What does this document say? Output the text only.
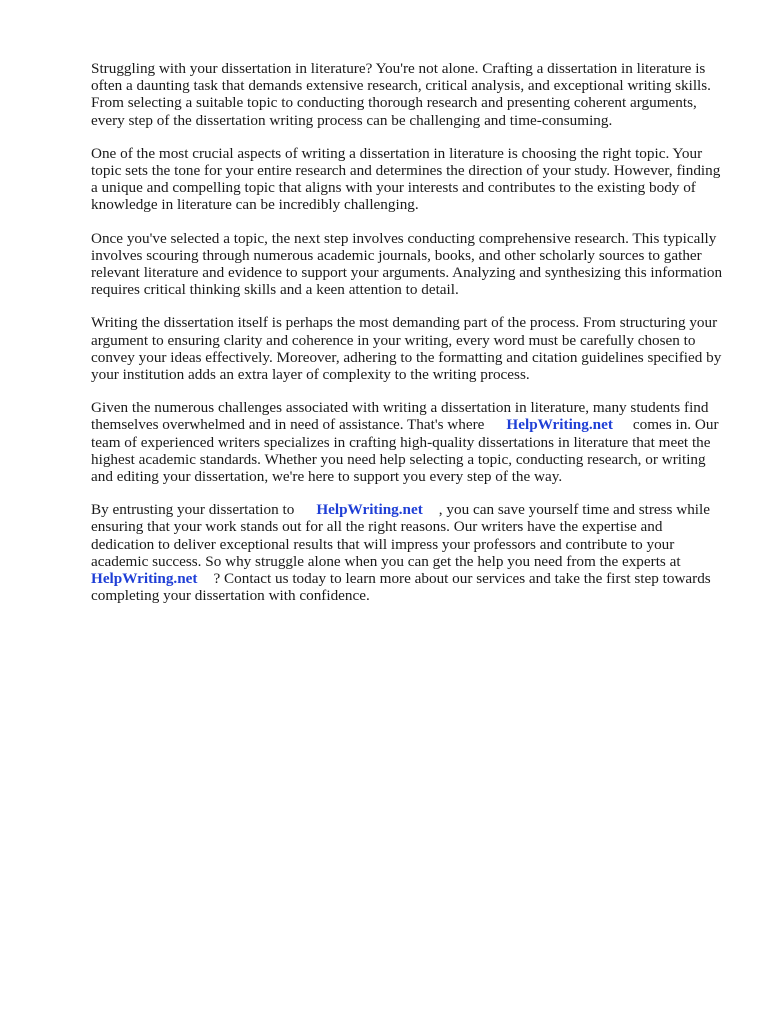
Struggling with your dissertation in literature? You're not alone. Crafting a dissertation in literature is often a daunting task that demands extensive research, critical analysis, and exceptional writing skills. From selecting a suitable topic to conducting thorough research and presenting coherent arguments, every step of the dissertation writing process can be challenging and time-consuming.

One of the most crucial aspects of writing a dissertation in literature is choosing the right topic. Your topic sets the tone for your entire research and determines the direction of your study. However, finding a unique and compelling topic that aligns with your interests and contributes to the existing body of knowledge in literature can be incredibly challenging.

Once you've selected a topic, the next step involves conducting comprehensive research. This typically involves scouring through numerous academic journals, books, and other scholarly sources to gather relevant literature and evidence to support your arguments. Analyzing and synthesizing this information requires critical thinking skills and a keen attention to detail.

Writing the dissertation itself is perhaps the most demanding part of the process. From structuring your argument to ensuring clarity and coherence in your writing, every word must be carefully chosen to convey your ideas effectively. Moreover, adhering to the formatting and citation guidelines specified by your institution adds an extra layer of complexity to the writing process.

Given the numerous challenges associated with writing a dissertation in literature, many students find themselves overwhelmed and in need of assistance. That's where HelpWriting.net comes in. Our team of experienced writers specializes in crafting high-quality dissertations in literature that meet the highest academic standards. Whether you need help selecting a topic, conducting research, or writing and editing your dissertation, we're here to support you every step of the way.

By entrusting your dissertation to HelpWriting.net , you can save yourself time and stress while ensuring that your work stands out for all the right reasons. Our writers have the expertise and dedication to deliver exceptional results that will impress your professors and contribute to your academic success. So why struggle alone when you can get the help you need from the experts at HelpWriting.net ? Contact us today to learn more about our services and take the first step towards completing your dissertation with confidence.
